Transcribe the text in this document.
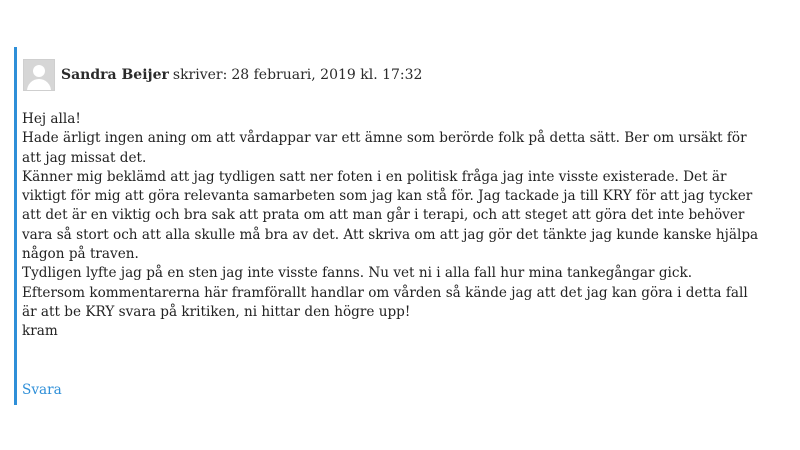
Sandra Beijer skriver: 28 februari, 2019 kl. 17:32

Hej alla!

Hade ärligt ingen aning om att vårdappar var ett ämne som berörde folk på detta sätt. Ber om ursäkt för

att jag missat det.

Känner mig beklämd att jag tydligen satt ner foten i en politisk fråga jag inte visste existerade. Det är

viktigt för mig att göra relevanta samarbeten som jag kan stå för. Jag tackade ja till KRY för att jag tycker

att det är en viktig och bra sak att prata om att man går i terapi, och att steget att göra det inte behöver

vara så stort och att alla skulle må bra av det. Att skriva om att jag gör det tänkte jag kunde kanske hjälpa

någon på traven.

Tydligen lyfte jag på en sten jag inte visste fanns. Nu vet ni i alla fall hur mina tankegångar gick.

Eftersom kommentarerna här framförallt handlar om vården så kände jag att det jag kan göra i detta fall

är att be KRY svara på kritiken, ni hittar den högre upp!

kram

Svara
